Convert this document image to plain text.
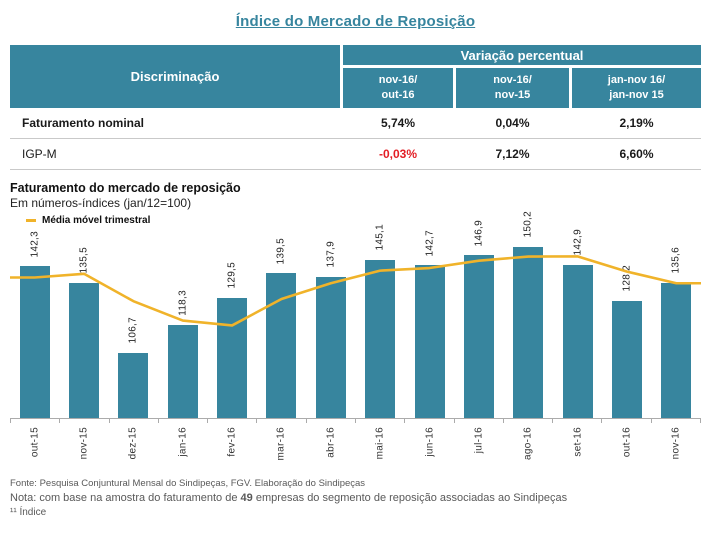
Índice do Mercado de Reposição
Discriminação
Variação percentual
nov-16/
out-16
nov-16/
nov-15
jan-nov 16/
jan-nov 15
Faturamento nominal	5,74%	0,04%	2,19%
IGP-M	-0,03%	7,12%	6,60%
Faturamento do mercado de reposição
Em números-índices (jan/12=100)
Média móvel trimestral
142,3
135,5
106,7
118,3
129,5
139,5	137,9
145,1	142,7	146,9	150,2
142,9
128,2
135,6
out-15	nov-15	dez-15	jan-16	fev-16	mar-16	abr-16	mai-16	jun-16	jul-16	ago-16	set-16	out-16	nov-16
Fonte: Pesquisa Conjuntural Mensal do Sindipeças, FGV. Elaboração do Sindipeças
Nota: com base na amostra do faturamento de 49 empresas do segmento de reposição associadas ao Sindipeças
¹¹ Índice
